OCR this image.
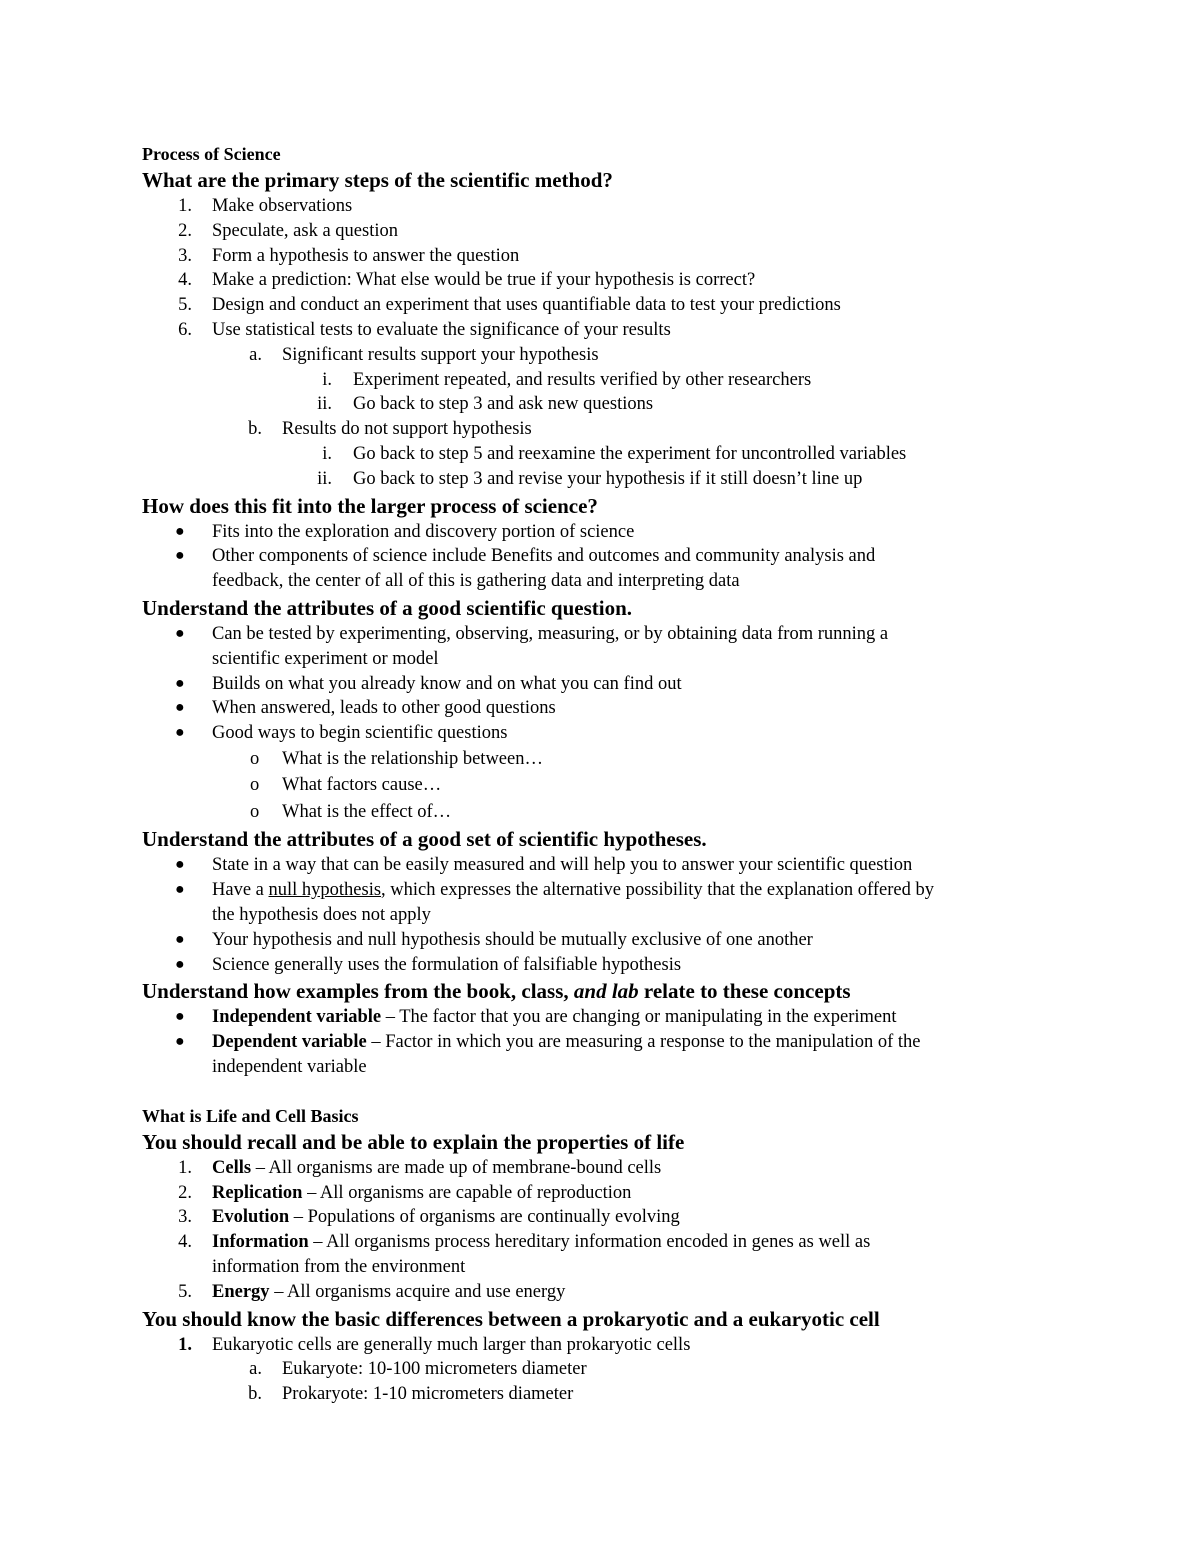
Process of Science
What are the primary steps of the scientific method?
1. Make observations
2. Speculate, ask a question
3. Form a hypothesis to answer the question
4. Make a prediction: What else would be true if your hypothesis is correct?
5. Design and conduct an experiment that uses quantifiable data to test your predictions
6. Use statistical tests to evaluate the significance of your results
a. Significant results support your hypothesis
i. Experiment repeated, and results verified by other researchers
ii. Go back to step 3 and ask new questions
b. Results do not support hypothesis
i. Go back to step 5 and reexamine the experiment for uncontrolled variables
ii. Go back to step 3 and revise your hypothesis if it still doesn’t line up
How does this fit into the larger process of science?
● Fits into the exploration and discovery portion of science
● Other components of science include Benefits and outcomes and community analysis and
feedback, the center of all of this is gathering data and interpreting data
Understand the attributes of a good scientific question.
● Can be tested by experimenting, observing, measuring, or by obtaining data from running a
scientific experiment or model
● Builds on what you already know and on what you can find out
● When answered, leads to other good questions
● Good ways to begin scientific questions
o What is the relationship between…
o What factors cause…
o What is the effect of…
Understand the attributes of a good set of scientific hypotheses.
● State in a way that can be easily measured and will help you to answer your scientific question
● Have a null hypothesis, which expresses the alternative possibility that the explanation offered by
the hypothesis does not apply
● Your hypothesis and null hypothesis should be mutually exclusive of one another
● Science generally uses the formulation of falsifiable hypothesis
Understand how examples from the book, class, and lab relate to these concepts
● Independent variable – The factor that you are changing or manipulating in the experiment
● Dependent variable – Factor in which you are measuring a response to the manipulation of the
independent variable
What is Life and Cell Basics
You should recall and be able to explain the properties of life
1. Cells – All organisms are made up of membrane-bound cells
2. Replication – All organisms are capable of reproduction
3. Evolution – Populations of organisms are continually evolving
4. Information – All organisms process hereditary information encoded in genes as well as
information from the environment
5. Energy – All organisms acquire and use energy
You should know the basic differences between a prokaryotic and a eukaryotic cell
1. Eukaryotic cells are generally much larger than prokaryotic cells
a. Eukaryote: 10-100 micrometers diameter
b. Prokaryote: 1-10 micrometers diameter
